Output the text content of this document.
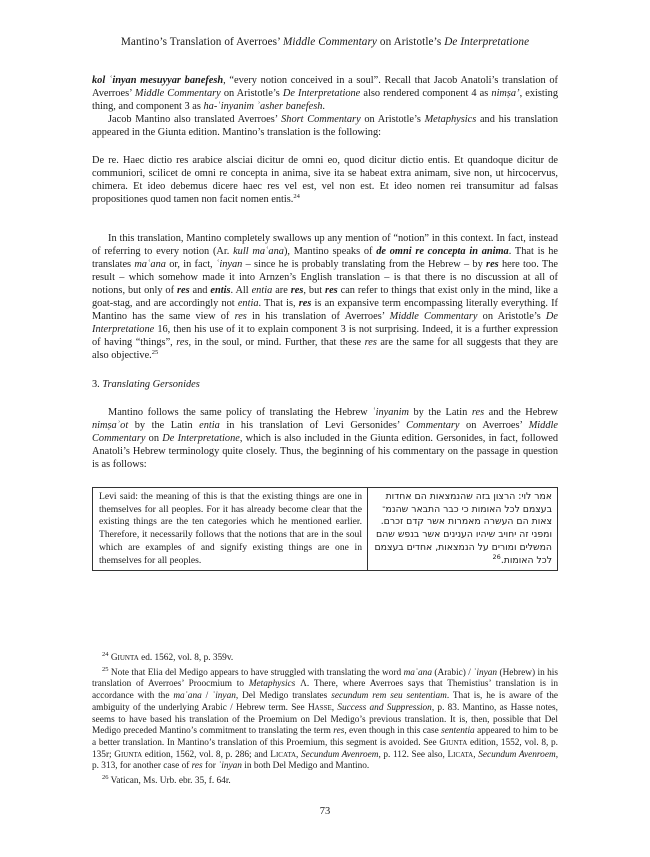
Mantino’s Translation of Averroes’ Middle Commentary on Aristotle’s De Interpretatione

kol ʿinyan mesuyyar banefesh, “every notion conceived in a soul”. Recall that Jacob Anatoli’s translation of Averroes’ Middle Commentary on Aristotle’s De Interpretatione also rendered component 4 as nimṣa’, existing thing, and component 3 as ha-ʿinyanim ʾasher banefesh.

Jacob Mantino also translated Averroes’ Short Commentary on Aristotle’s Metaphysics and his translation appeared in the Giunta edition. Mantino’s translation is the following:

De re. Haec dictio res arabice alsciai dicitur de omni eo, quod dicitur dictio entis. Et quandoque dicitur de communiori, scilicet de omni re concepta in anima, sive ita se habeat extra animam, sive non, ut hircocervus, chimera. Et ideo debemus dicere haec res vel est, vel non est. Et ideo nomen rei transumitur ad falsas propositiones quod tamen non facit nomen entis.$^{24}$

In this translation, Mantino completely swallows up any mention of “notion” in this context. In fact, instead of referring to every notion (Ar. kull maʿana), Mantino speaks of de omni re concepta in anima. That is he translates maʿana or, in fact, ʿinyan – since he is probably translating from the Hebrew – by res here too. The result – which somehow made it into Arnzen’s English translation – is that there is no discussion at all of notions, but only of res and entis. All entia are res, but res can refer to things that exist only in the mind, like a goat-stag, and are accordingly not entia. That is, res is an expansive term encompassing literally everything. If Mantino has the same view of res in his translation of Averroes’ Middle Commentary on Aristotle’s De Interpretatione 16, then his use of it to explain component 3 is not surprising. Indeed, it is a further expression of having “things”, res, in the soul, or mind. Further, that these res are the same for all suggests that they are also objective.$^{25}$

3. Translating Gersonides

Mantino follows the same policy of translating the Hebrew ʿinyanim by the Latin res and the Hebrew nimṣaʾot by the Latin entia in his translation of Levi Gersonides’ Commentary on Averroes’ Middle Commentary on De Interpretatione, which is also included in the Giunta edition. Gersonides, in fact, followed Anatoli’s Hebrew terminology quite closely. Thus, the beginning of his commentary on the passage in question is as follows:

Levi said: the meaning of this is that the existing things are one in themselves for all peoples. For it has already become clear that the existing things are the ten categories which he mentioned earlier. Therefore, it necessarily follows that the notions that are in the soul which are examples of and signify existing things are one in themselves for all peoples.	אמר לוי: הרצון בזה שהנמצאות הם אחדות בעצמם לכל האומות כי כבר התבאר שהנמ־ צאות הם העשרה מאמרות אשר קדם זכרם. ומפני זה יחויב שיהיו הענינים אשר בנפש שהם המשלים ומורים על הנמצאות, אחדים בעצמם לכל האומות.$^{26}$

$^{24}$ Giunta ed. 1562, vol. 8, p. 359v.

$^{25}$ Note that Elia del Medigo appears to have struggled with translating the word maʿana (Arabic) / ʿinyan (Hebrew) in his translation of Averroes’ Proocmium to Metaphysics Λ. There, where Averroes says that Themistius’ translation is in accordance with the maʿana / ʿinyan, Del Medigo translates secundum rem seu sententiam. That is, he is aware of the ambiguity of the underlying Arabic / Hebrew term. See Hasse, Success and Suppression, p. 83. Mantino, as Hasse notes, seems to have based his translation of the Proemium on Del Medigo’s previous translation. It is, then, possible that Del Medigo preceded Mantino’s commitment to translating the term res, even though in this case sententia appeared to him to be a better translation. In Mantino’s translation of this Proemium, this segment is avoided. See Giunta edition, 1552, vol. 8, p. 135r; Giunta edition, 1562, vol. 8, p. 286; and Licata, Secundum Avenroem, p. 112. See also, Licata, Secundum Avenroem, p. 313, for another case of res for ʿinyan in both Del Medigo and Mantino.

$^{26}$ Vatican, Ms. Urb. ebr. 35, f. 64r.

73
